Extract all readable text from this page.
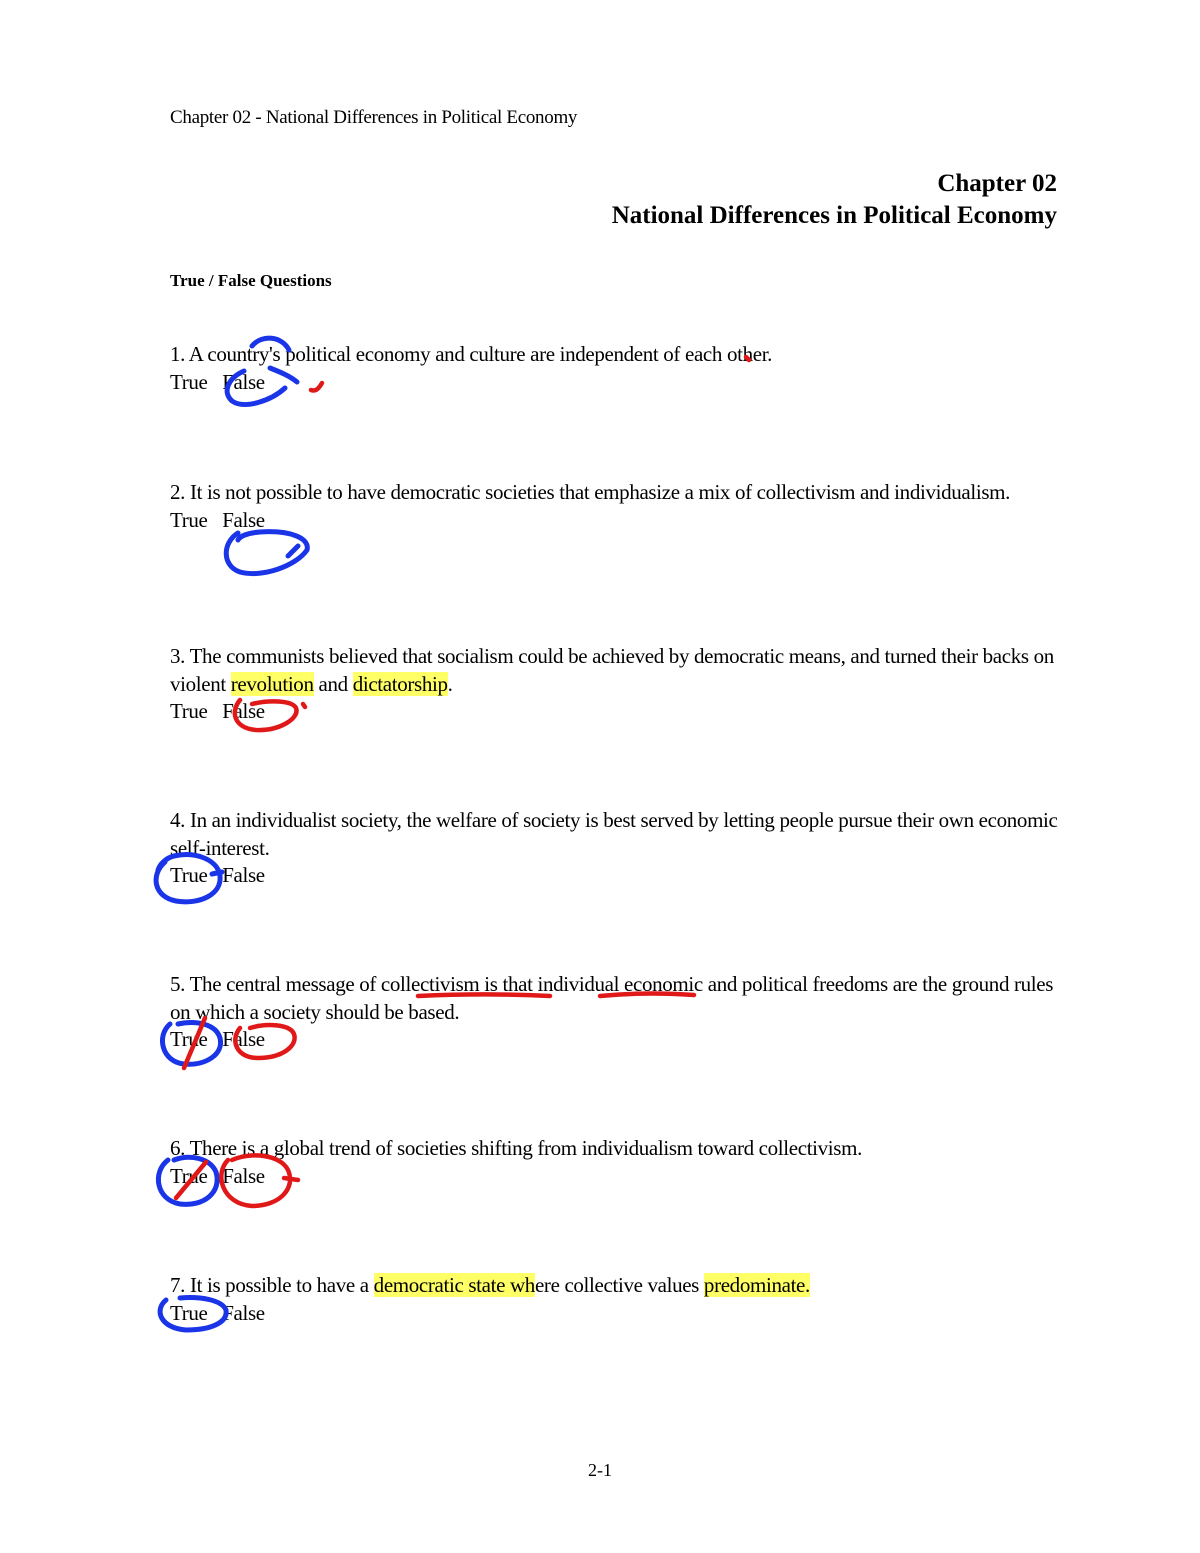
Chapter 02 - National Differences in Political Economy
Chapter 02
National Differences in Political Economy
True / False Questions
1. A country's political economy and culture are independent of each other.
True   False
2. It is not possible to have democratic societies that emphasize a mix of collectivism and individualism.
True   False
3. The communists believed that socialism could be achieved by democratic means, and turned their backs on violent revolution and dictatorship.
True   False
4. In an individualist society, the welfare of society is best served by letting people pursue their own economic self-interest.
True   False
5. The central message of collectivism is that individual economic and political freedoms are the ground rules on which a society should be based.
True   False
6. There is a global trend of societies shifting from individualism toward collectivism.
True   False
7. It is possible to have a democratic state where collective values predominate.
True   False
2-1
